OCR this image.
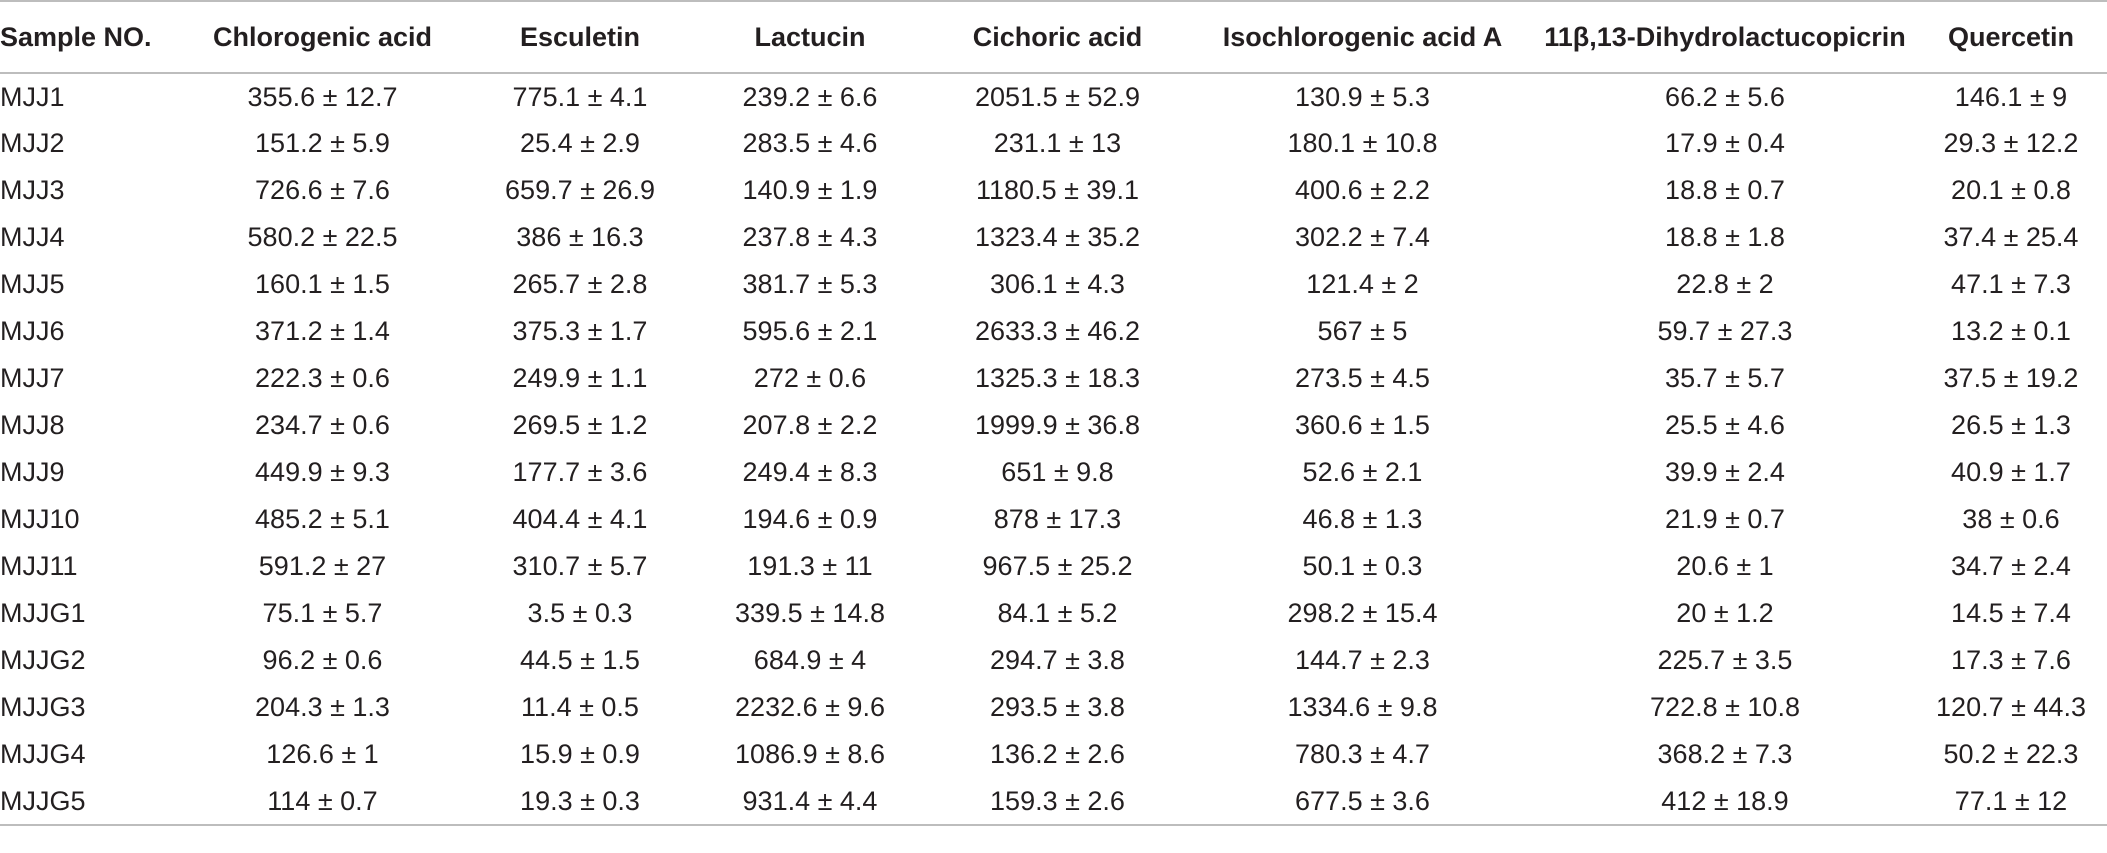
Sample NO.	Chlorogenic acid	Esculetin	Lactucin	Cichoric acid	Isochlorogenic acid A	11β,13-Dihydrolactucopicrin	Quercetin
MJJ1	355.6 ± 12.7	775.1 ± 4.1	239.2 ± 6.6	2051.5 ± 52.9	130.9 ± 5.3	66.2 ± 5.6	146.1 ± 9
MJJ2	151.2 ± 5.9	25.4 ± 2.9	283.5 ± 4.6	231.1 ± 13	180.1 ± 10.8	17.9 ± 0.4	29.3 ± 12.2
MJJ3	726.6 ± 7.6	659.7 ± 26.9	140.9 ± 1.9	1180.5 ± 39.1	400.6 ± 2.2	18.8 ± 0.7	20.1 ± 0.8
MJJ4	580.2 ± 22.5	386 ± 16.3	237.8 ± 4.3	1323.4 ± 35.2	302.2 ± 7.4	18.8 ± 1.8	37.4 ± 25.4
MJJ5	160.1 ± 1.5	265.7 ± 2.8	381.7 ± 5.3	306.1 ± 4.3	121.4 ± 2	22.8 ± 2	47.1 ± 7.3
MJJ6	371.2 ± 1.4	375.3 ± 1.7	595.6 ± 2.1	2633.3 ± 46.2	567 ± 5	59.7 ± 27.3	13.2 ± 0.1
MJJ7	222.3 ± 0.6	249.9 ± 1.1	272 ± 0.6	1325.3 ± 18.3	273.5 ± 4.5	35.7 ± 5.7	37.5 ± 19.2
MJJ8	234.7 ± 0.6	269.5 ± 1.2	207.8 ± 2.2	1999.9 ± 36.8	360.6 ± 1.5	25.5 ± 4.6	26.5 ± 1.3
MJJ9	449.9 ± 9.3	177.7 ± 3.6	249.4 ± 8.3	651 ± 9.8	52.6 ± 2.1	39.9 ± 2.4	40.9 ± 1.7
MJJ10	485.2 ± 5.1	404.4 ± 4.1	194.6 ± 0.9	878 ± 17.3	46.8 ± 1.3	21.9 ± 0.7	38 ± 0.6
MJJ11	591.2 ± 27	310.7 ± 5.7	191.3 ± 11	967.5 ± 25.2	50.1 ± 0.3	20.6 ± 1	34.7 ± 2.4
MJJG1	75.1 ± 5.7	3.5 ± 0.3	339.5 ± 14.8	84.1 ± 5.2	298.2 ± 15.4	20 ± 1.2	14.5 ± 7.4
MJJG2	96.2 ± 0.6	44.5 ± 1.5	684.9 ± 4	294.7 ± 3.8	144.7 ± 2.3	225.7 ± 3.5	17.3 ± 7.6
MJJG3	204.3 ± 1.3	11.4 ± 0.5	2232.6 ± 9.6	293.5 ± 3.8	1334.6 ± 9.8	722.8 ± 10.8	120.7 ± 44.3
MJJG4	126.6 ± 1	15.9 ± 0.9	1086.9 ± 8.6	136.2 ± 2.6	780.3 ± 4.7	368.2 ± 7.3	50.2 ± 22.3
MJJG5	114 ± 0.7	19.3 ± 0.3	931.4 ± 4.4	159.3 ± 2.6	677.5 ± 3.6	412 ± 18.9	77.1 ± 12
